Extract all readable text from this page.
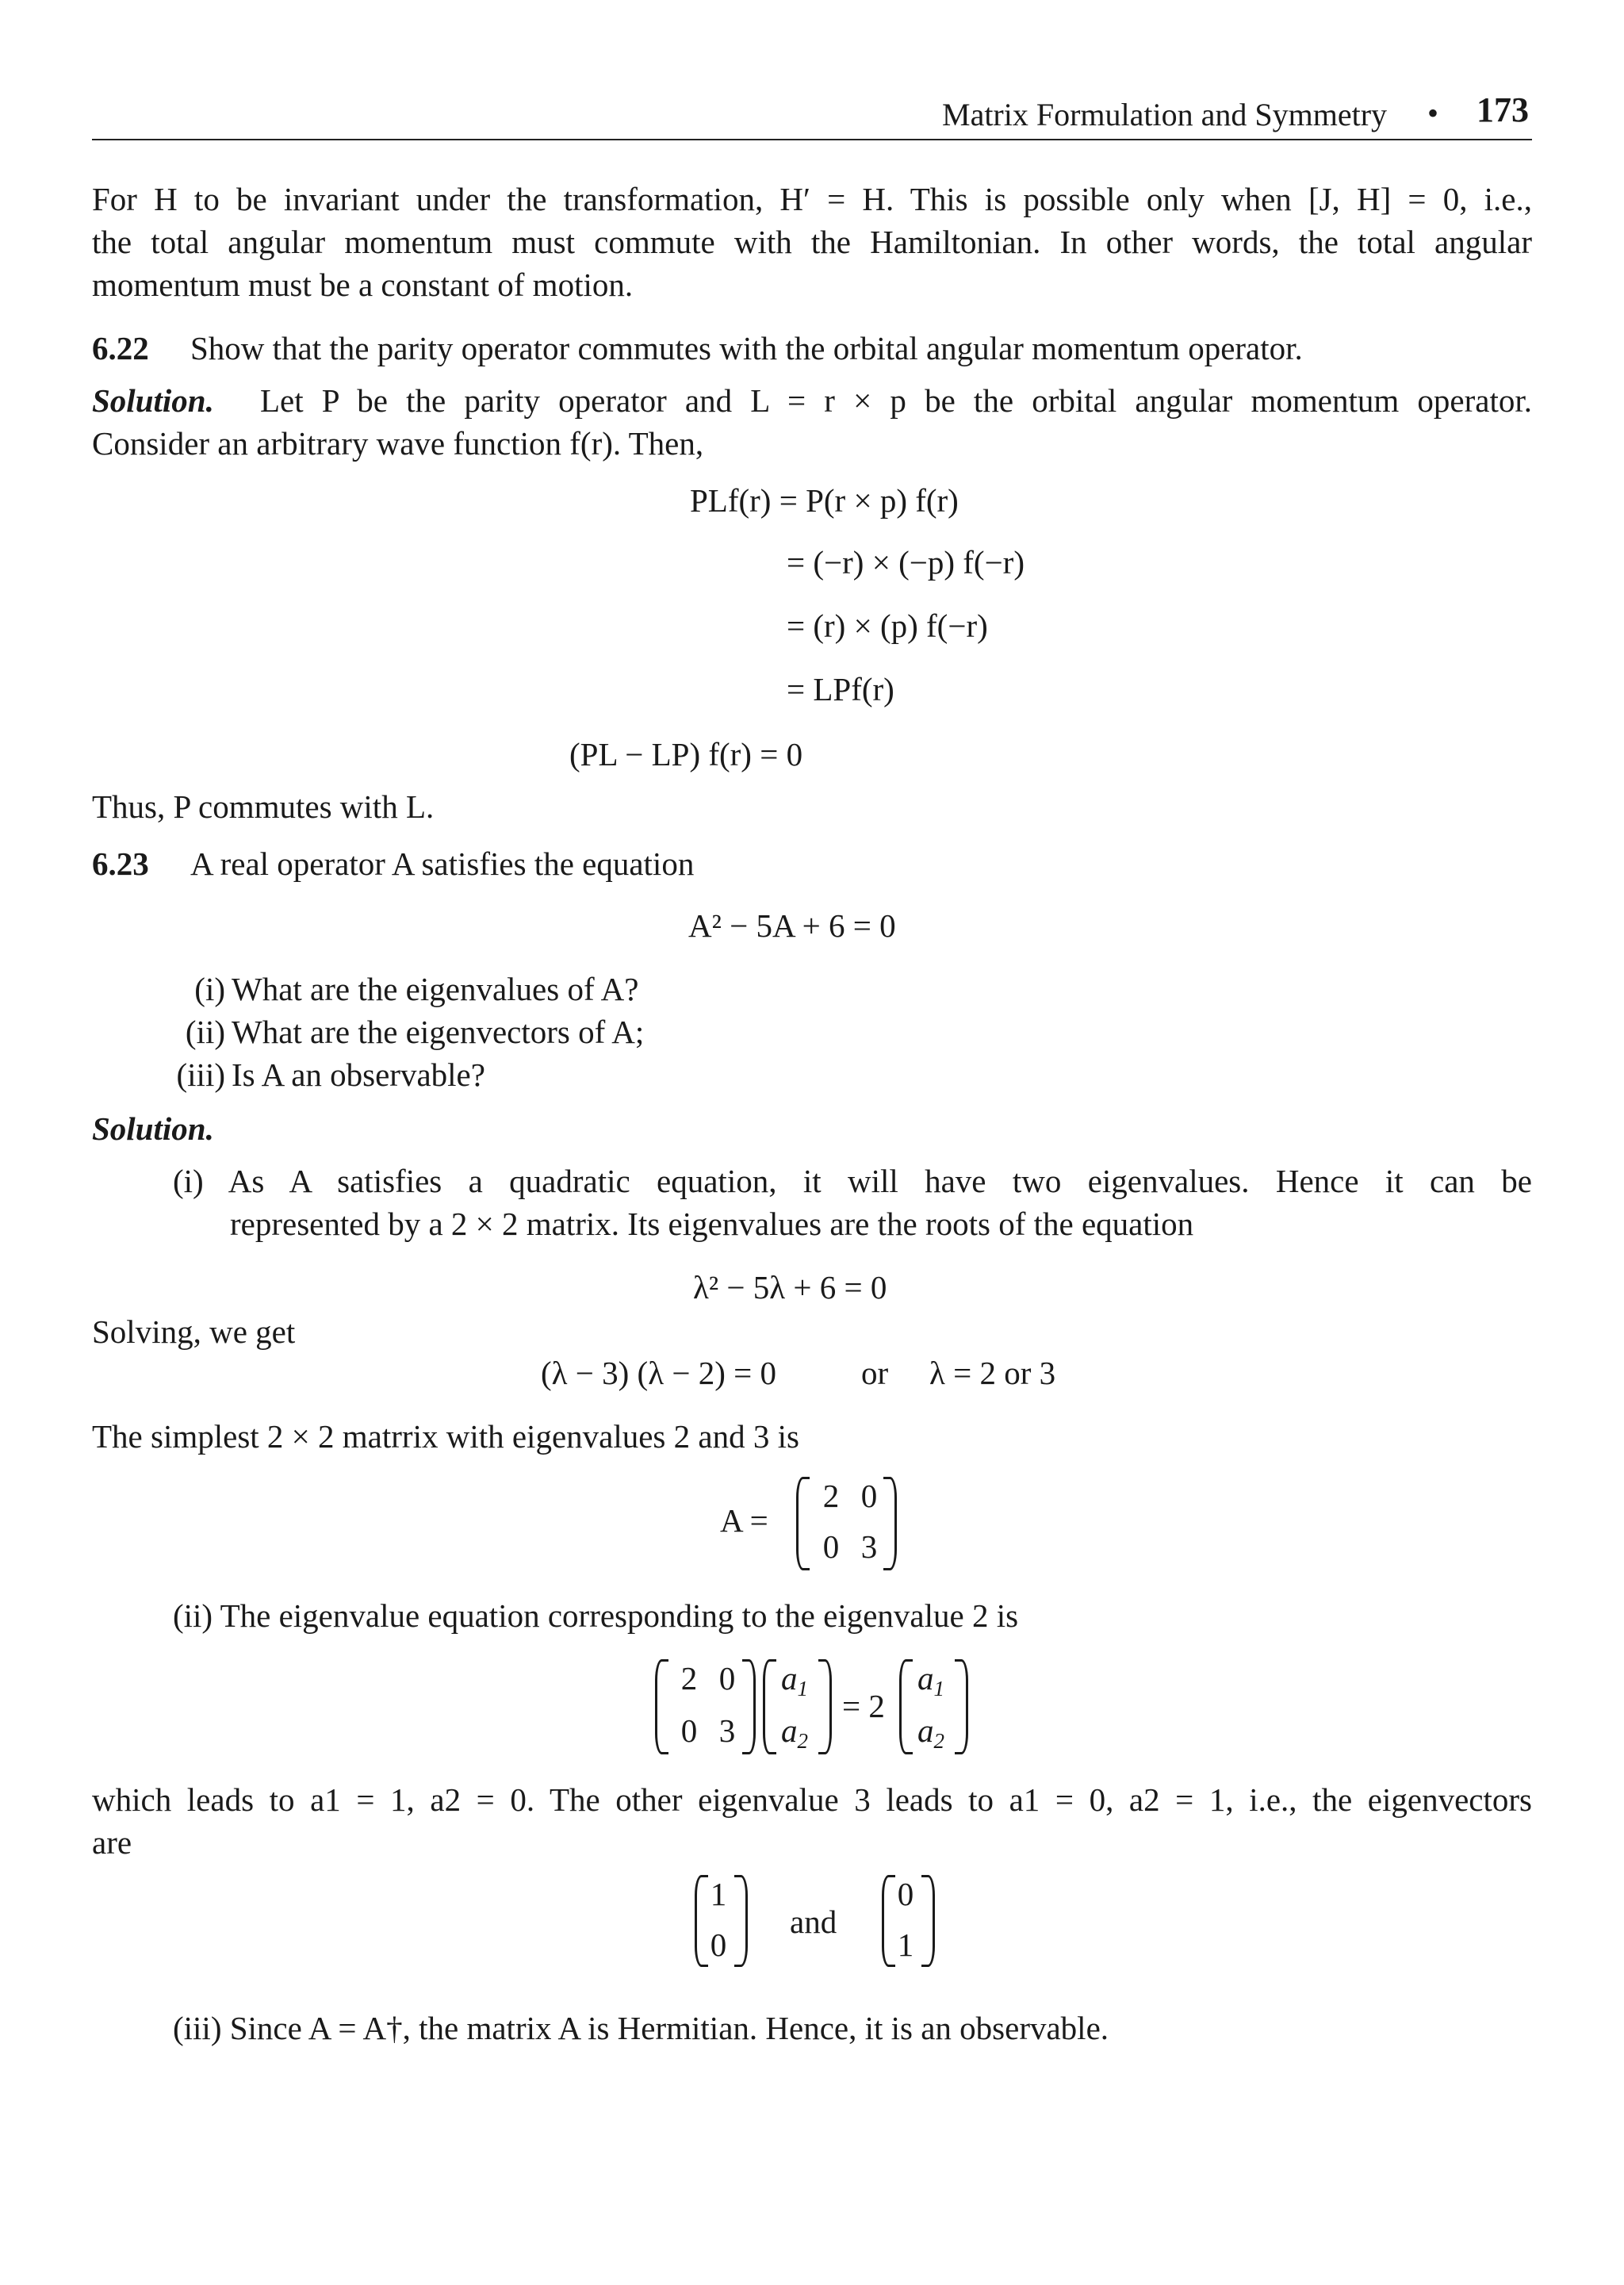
Matrix Formulation and Symmetry • 173
For H to be invariant under the transformation, H′ = H. This is possible only when [J, H] = 0, i.e.,
the total angular momentum must commute with the Hamiltonian. In other words, the total angular
momentum must be a constant of motion.
6.22 Show that the parity operator commutes with the orbital angular momentum operator.
Solution. Let P be the parity operator and L = r × p be the orbital angular momentum operator.
Consider an arbitrary wave function f(r). Then,
PLf(r) = P(r × p) f(r)
= (−r) × (−p) f(−r)
= (r) × (p) f(−r)
= LPf(r)
(PL − LP) f(r) = 0
Thus, P commutes with L.
6.23 A real operator A satisfies the equation
A² − 5A + 6 = 0
(i) What are the eigenvalues of A?
(ii) What are the eigenvectors of A;
(iii) Is A an observable?
Solution.
(i) As A satisfies a quadratic equation, it will have two eigenvalues. Hence it can be
represented by a 2 × 2 matrix. Its eigenvalues are the roots of the equation
λ² − 5λ + 6 = 0
Solving, we get
(λ − 3) (λ − 2) = 0	or λ = 2 or 3
The simplest 2 × 2 matrrix with eigenvalues 2 and 3 is
A =
2 0
0 3
(ii) The eigenvalue equation corresponding to the eigenvalue 2 is
2 0
0 3
$a_1$
$a_2$
= 2
$a_1$
$a_2$
which leads to a1 = 1, a2 = 0. The other eigenvalue 3 leads to a1 = 0, a2 = 1, i.e., the eigenvectors
are
1
0
and
0
1
(iii) Since A = A†, the matrix A is Hermitian. Hence, it is an observable.
